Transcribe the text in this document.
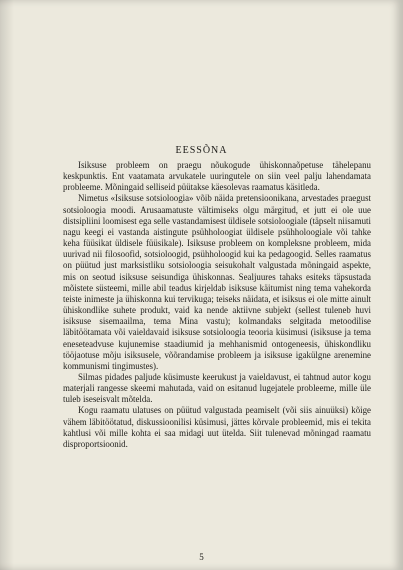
EESSÕNA

Isiksuse probleem on praegu nõukogude ühiskonnaõpetuse tähelepanu keskpunktis. Ent vaatamata arvukatele uuringutele on siin veel palju lahendamata probleeme. Mõningaid selliseid püütakse käesolevas raamatus käsitleda.

Nimetus «Isiksuse sotsioloogia» võib näida pretensioonikana, arvestades praegust sotsioloogia moodi. Arusaamatuste vältimiseks olgu märgitud, et jutt ei ole uue distsipliini loomisest ega selle vastandamisest üldisele sotsioloogiale (täpselt niisamuti nagu keegi ei vastanda aistingute psühholoogiat üldisele psühholoogiale või tahke keha füüsikat üldisele füüsikale). Isiksuse probleem on kompleksne probleem, mida uurivad nii filosoofid, sotsioloogid, psühholoogid kui ka pedagoogid. Selles raamatus on püütud just marksistliku sotsioloogia seisukohalt valgustada mõningaid aspekte, mis on seotud isiksuse seisundiga ühiskonnas. Sealjuures tahaks esiteks täpsustada mõistete süsteemi, mille abil teadus kirjeldab isiksuse käitumist ning tema vahekorda teiste inimeste ja ühiskonna kui tervikuga; teiseks näidata, et isiksus ei ole mitte ainult ühiskondlike suhete produkt, vaid ka nende aktiivne subjekt (sellest tuleneb huvi isiksuse sisemaailma, tema Mina vastu); kolmandaks selgitada metoodilise läbitöötamata või vaieldavaid isiksuse sotsioloogia teooria küsimusi (isiksuse ja tema eneseteadvuse kujunemise staadiumid ja mehhanismid ontogeneesis, ühiskondliku tööjaotuse mõju isiksusele, võõrandamise probleem ja isiksuse igakülgne arenemine kommunismi tingimustes).

Silmas pidades paljude küsimuste keerukust ja vaieldavust, ei tahtnud autor kogu materjali rangesse skeemi mahutada, vaid on esitanud lugejatele probleeme, mille üle tuleb iseseisvalt mõtelda.

Kogu raamatu ulatuses on püütud valgustada peamiselt (või siis ainuüksi) kõige vähem läbitöötatud, diskussioonilisi küsimusi, jättes kõrvale probleemid, mis ei tekita kahtlusi või mille kohta ei saa midagi uut ütelda. Siit tulenevad mõningad raamatu disproportsioonid.

5
